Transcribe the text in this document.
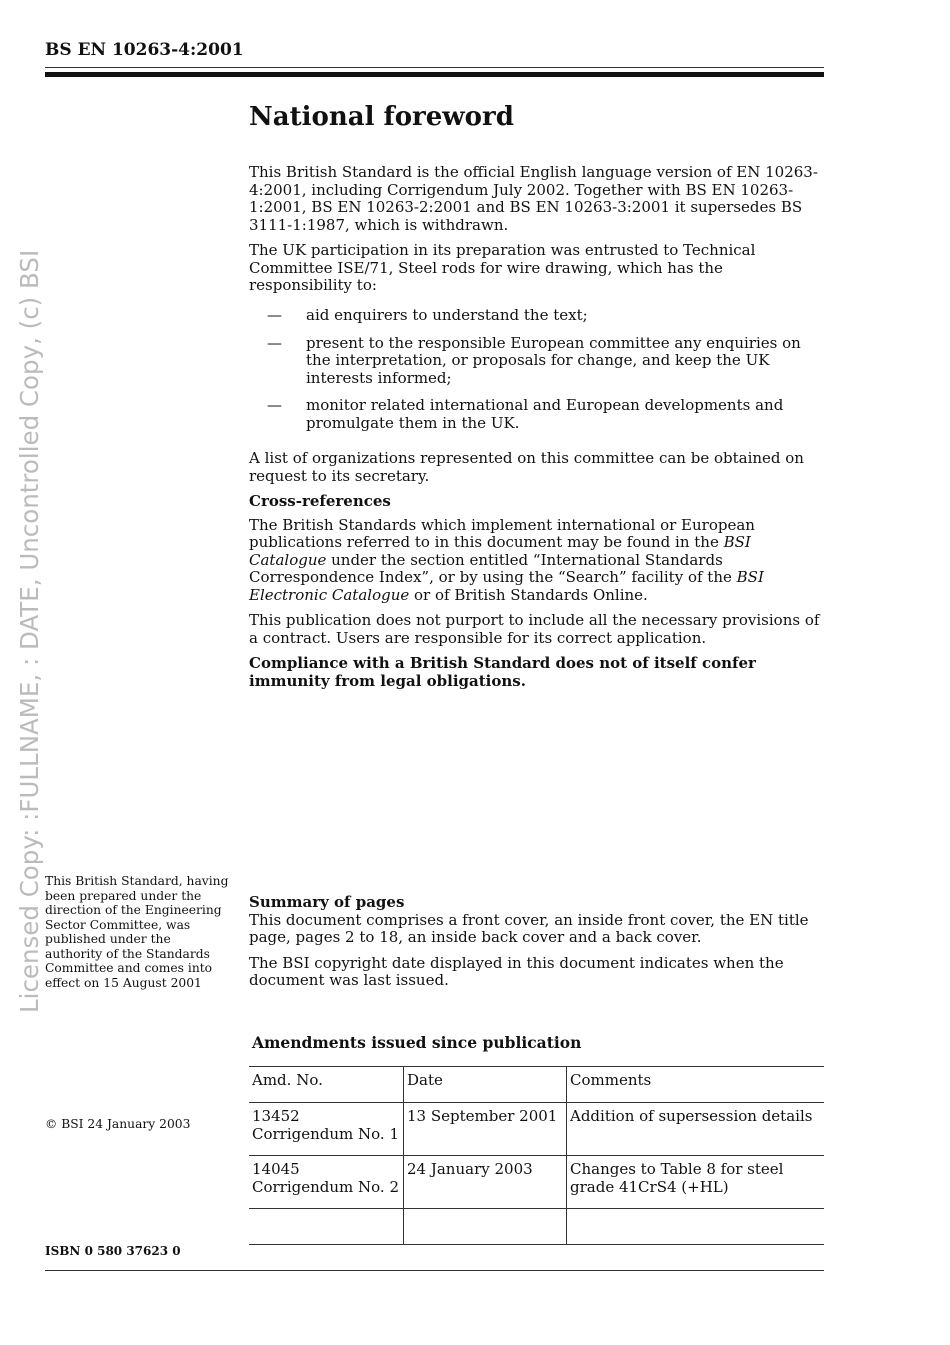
BS EN 10263-4:2001
Licensed Copy: :FULLNAME, : DATE, Uncontrolled Copy, (c) BSI
National foreword

This British Standard is the official English language version of EN 10263-4:2001, including Corrigendum July 2002. Together with BS EN 10263-1:2001, BS EN 10263-2:2001 and BS EN 10263-3:2001 it supersedes BS 3111-1:1987, which is withdrawn.

The UK participation in its preparation was entrusted to Technical Committee ISE/71, Steel rods for wire drawing, which has the responsibility to:

— aid enquirers to understand the text;
— present to the responsible European committee any enquiries on the interpretation, or proposals for change, and keep the UK interests informed;
— monitor related international and European developments and promulgate them in the UK.

A list of organizations represented on this committee can be obtained on request to its secretary.

Cross-references

The British Standards which implement international or European publications referred to in this document may be found in the BSI Catalogue under the section entitled “International Standards Correspondence Index”, or by using the “Search” facility of the BSI Electronic Catalogue or of British Standards Online.

This publication does not purport to include all the necessary provisions of a contract. Users are responsible for its correct application.

Compliance with a British Standard does not of itself confer immunity from legal obligations.

This British Standard, having been prepared under the direction of the Engineering Sector Committee, was published under the authority of the Standards Committee and comes into effect on 15 August 2001

Summary of pages

This document comprises a front cover, an inside front cover, the EN title page, pages 2 to 18, an inside back cover and a back cover.

The BSI copyright date displayed in this document indicates when the document was last issued.

Amendments issued since publication
© BSI 24 January 2003
Amd. No.	Date	Comments

13452
Corrigendum No. 1	13 September 2001	Addition of supersession details

14045
Corrigendum No. 2	24 January 2003	Changes to Table 8 for steel grade 41CrS4 (+HL)

ISBN 0 580 37623 0
